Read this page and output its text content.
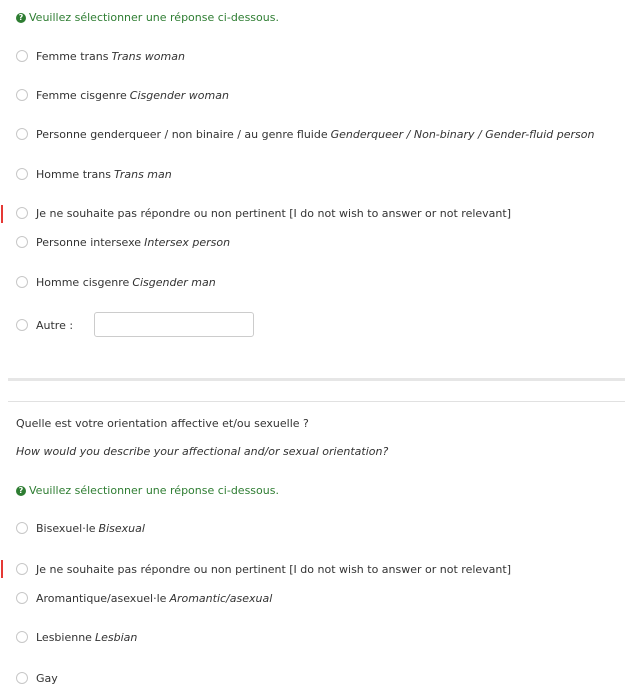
? Veuillez sélectionner une réponse ci-dessous.
Femme trans Trans woman
Femme cisgenre Cisgender woman
Personne genderqueer / non binaire / au genre fluide Genderqueer / Non-binary / Gender-fluid person
Homme trans Trans man
Je ne souhaite pas répondre ou non pertinent [I do not wish to answer or not relevant]
Personne intersexe Intersex person
Homme cisgenre Cisgender man
Autre :
Quelle est votre orientation affective et/ou sexuelle ?
How would you describe your affectional and/or sexual orientation?
? Veuillez sélectionner une réponse ci-dessous.
Bisexuel·le Bisexual
Je ne souhaite pas répondre ou non pertinent [I do not wish to answer or not relevant]
Aromantique/asexuel·le Aromantic/asexual
Lesbienne Lesbian
Gay
